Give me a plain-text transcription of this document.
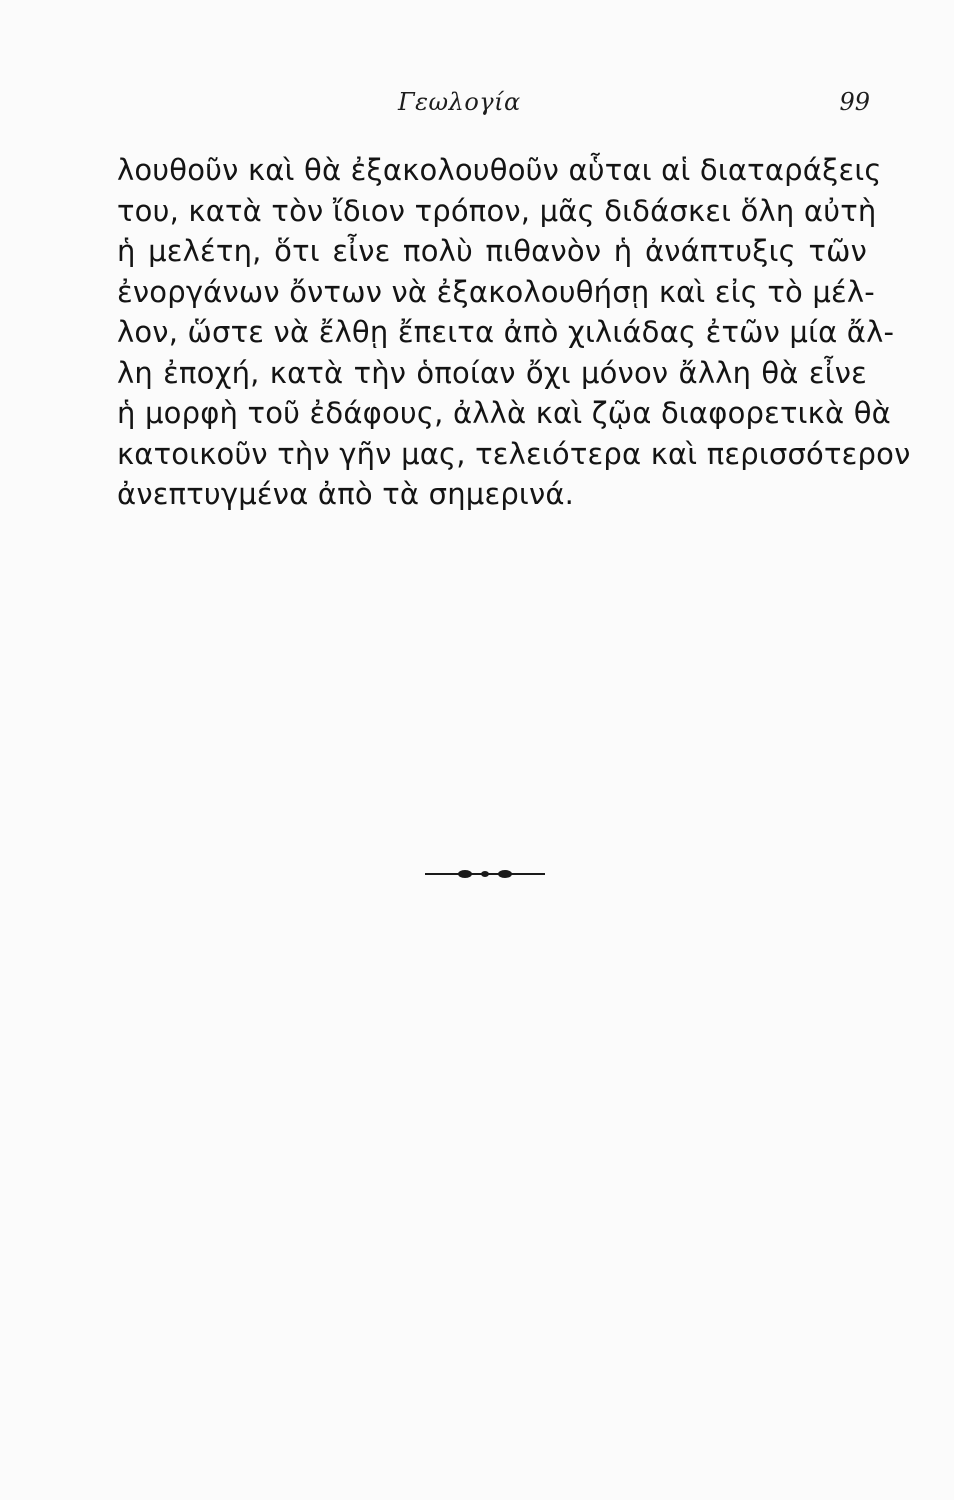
Γεωλογία	99
λουθοῦν καὶ θὰ ἐξακολουθοῦν αὗται αἱ διαταράξεις
του, κατὰ τὸν ἴδιον τρόπον, μᾶς διδάσκει ὅλη αὐτὴ
ἡ μελέτη, ὅτι εἶνε πολὺ πιθανὸν ἡ ἀνάπτυξις τῶν
ἐνοργάνων ὄντων νὰ ἐξακολουθήσῃ καὶ εἰς τὸ μέλ-
λον, ὥστε νὰ ἔλθῃ ἔπειτα ἀπὸ χιλιάδας ἐτῶν μία ἄλ-
λη ἐποχή, κατὰ τὴν ὁποίαν ὄχι μόνον ἄλλη θὰ εἶνε
ἡ μορφὴ τοῦ ἐδάφους, ἀλλὰ καὶ ζῷα διαφορετικὰ θὰ
κατοικοῦν τὴν γῆν μας, τελειότερα καὶ περισσότερον
ἀνεπτυγμένα ἀπὸ τὰ σημερινά.
